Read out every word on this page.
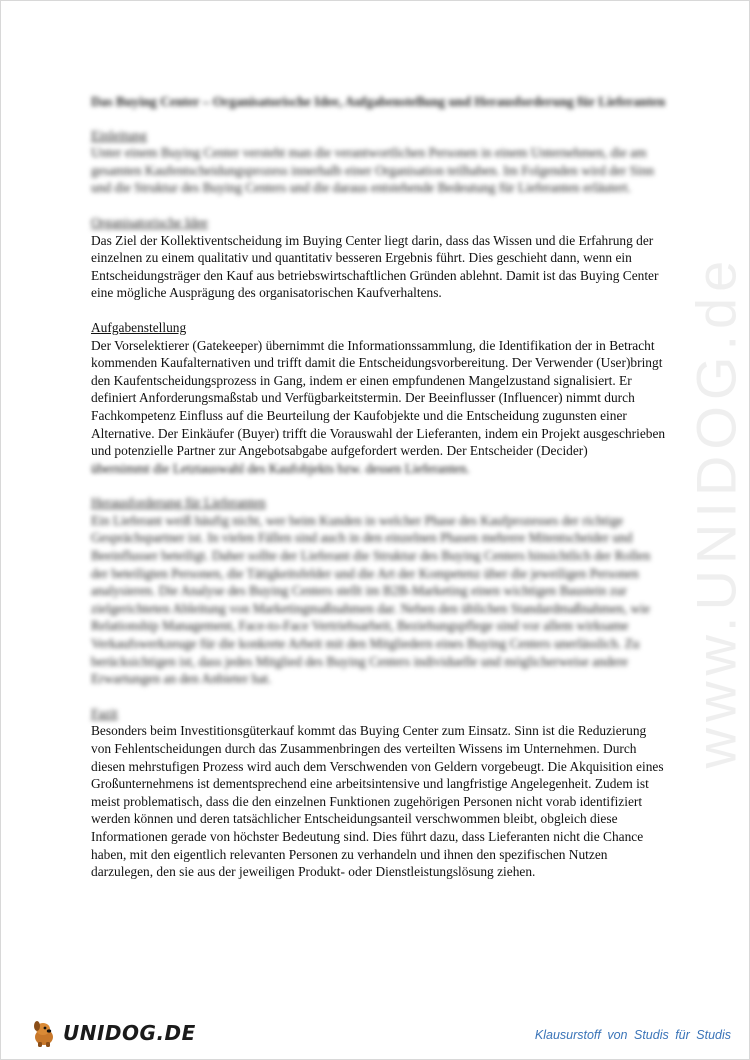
www.UNIDOG.de

Das Buying Center – Organisatorische Idee, Aufgabenstellung und Herausforderung für Lieferanten

Einleitung

Unter einem Buying Center versteht man die verantwortlichen Personen in einem Unternehmen, die am gesamten Kaufentscheidungsprozess innerhalb einer Organisation teilhaben. Im Folgenden wird der Sinn und die Struktur des Buying Centers und die daraus entstehende Bedeutung für Lieferanten erläutert.

Organisatorische Idee

Das Ziel der Kollektiventscheidung im Buying Center liegt darin, dass das Wissen und die Erfahrung der einzelnen zu einem qualitativ und quantitativ besseren Ergebnis führt. Dies geschieht dann, wenn ein Entscheidungsträger den Kauf aus betriebswirtschaftlichen Gründen ablehnt. Damit ist das Buying Center eine mögliche Ausprägung des organisatorischen Kaufverhaltens.

Aufgabenstellung

Der Vorselektierer (Gatekeeper) übernimmt die Informationssammlung, die Identifikation der in Betracht kommenden Kaufalternativen und trifft damit die Entscheidungsvorbereitung. Der Verwender (User)bringt den Kaufentscheidungsprozess in Gang, indem er einen empfundenen Mangelzustand signalisiert. Er definiert Anforderungsmaßstab und Verfügbarkeitstermin. Der Beeinflusser (Influencer) nimmt durch Fachkompetenz Einfluss auf die Beurteilung der Kaufobjekte und die Entscheidung zugunsten einer Alternative. Der Einkäufer (Buyer) trifft die Vorauswahl der Lieferanten, indem ein Projekt ausgeschrieben und potenzielle Partner zur Angebotsabgabe aufgefordert werden. Der Entscheider (Decider)

übernimmt die Letztauswahl des Kaufobjekts bzw. dessen Lieferanten.

Herausforderung für Lieferanten

Ein Lieferant weiß häufig nicht, wer beim Kunden in welcher Phase des Kaufprozesses der richtige Gesprächspartner ist. In vielen Fällen sind auch in den einzelnen Phasen mehrere Mitentscheider und Beeinflusser beteiligt. Daher sollte der Lieferant die Struktur des Buying Centers hinsichtlich der Rollen der beteiligten Personen, die Tätigkeitsfelder und die Art der Kompetenz über die jeweiligen Personen analysieren. Die Analyse des Buying Centers stellt im B2B-Marketing einen wichtigen Baustein zur zielgerichteten Ableitung von Marketingmaßnahmen dar. Neben den üblichen Standardmaßnahmen, wie Relationship Management, Face-to-Face Vertriebsarbeit, Beziehungspflege sind vor allem wirksame Verkaufswerkzeuge für die konkrete Arbeit mit den Mitgliedern eines Buying Centers unerlässlich. Zu berücksichtigen ist, dass jedes Mitglied des Buying Centers individuelle und möglicherweise andere Erwartungen an den Anbieter hat.

Fazit

Besonders beim Investitionsgüterkauf kommt das Buying Center zum Einsatz. Sinn ist die Reduzierung von Fehlentscheidungen durch das Zusammenbringen des verteilten Wissens im Unternehmen. Durch diesen mehrstufigen Prozess wird auch dem Verschwenden von Geldern vorgebeugt. Die Akquisition eines Großunternehmens ist dementsprechend eine arbeitsintensive und langfristige Angelegenheit. Zudem ist meist problematisch, dass die den einzelnen Funktionen zugehörigen Personen nicht vorab identifiziert werden können und deren tatsächlicher Entscheidungsanteil verschwommen bleibt, obgleich diese Informationen gerade von höchster Bedeutung sind. Dies führt dazu, dass Lieferanten nicht die Chance haben, mit den eigentlich relevanten Personen zu verhandeln und ihnen den spezifischen Nutzen darzulegen, den sie aus der jeweiligen Produkt- oder Dienstleistungslösung ziehen.

UNIDOG.DE	Klausurstoff von Studis für Studis
